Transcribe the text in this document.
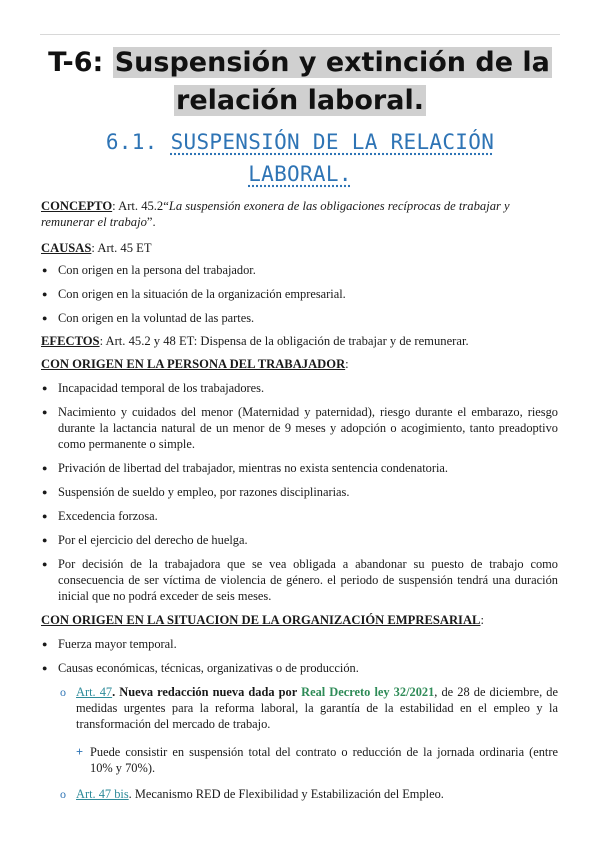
T-6: Suspensión y extinción de la
relación laboral.
6.1. SUSPENSIÓN DE LA RELACIÓN
LABORAL.
CONCEPTO: Art. 45.2“La suspensión exonera de las obligaciones recíprocas de trabajar y remunerar el trabajo”.
CAUSAS: Art. 45 ET
● Con origen en la persona del trabajador.
● Con origen en la situación de la organización empresarial.
● Con origen en la voluntad de las partes.
EFECTOS: Art. 45.2 y 48 ET: Dispensa de la obligación de trabajar y de remunerar.
CON ORIGEN EN LA PERSONA DEL TRABAJADOR:
● Incapacidad temporal de los trabajadores.
● Nacimiento y cuidados del menor (Maternidad y paternidad), riesgo durante el embarazo, riesgo durante la lactancia natural de un menor de 9 meses y adopción o acogimiento, tanto preadoptivo como permanente o simple.
● Privación de libertad del trabajador, mientras no exista sentencia condenatoria.
● Suspensión de sueldo y empleo, por razones disciplinarias.
● Excedencia forzosa.
● Por el ejercicio del derecho de huelga.
● Por decisión de la trabajadora que se vea obligada a abandonar su puesto de trabajo como consecuencia de ser víctima de violencia de género. el periodo de suspensión tendrá una duración inicial que no podrá exceder de seis meses.
CON ORIGEN EN LA SITUACION DE LA ORGANIZACIÓN EMPRESARIAL:
● Fuerza mayor temporal.
● Causas económicas, técnicas, organizativas o de producción.
o Art. 47. Nueva redacción nueva dada por Real Decreto ley 32/2021, de 28 de diciembre, de medidas urgentes para la reforma laboral, la garantía de la estabilidad en el empleo y la transformación del mercado de trabajo.
+ Puede consistir en suspensión total del contrato o reducción de la jornada ordinaria (entre 10% y 70%).
o Art. 47 bis. Mecanismo RED de Flexibilidad y Estabilización del Empleo.
